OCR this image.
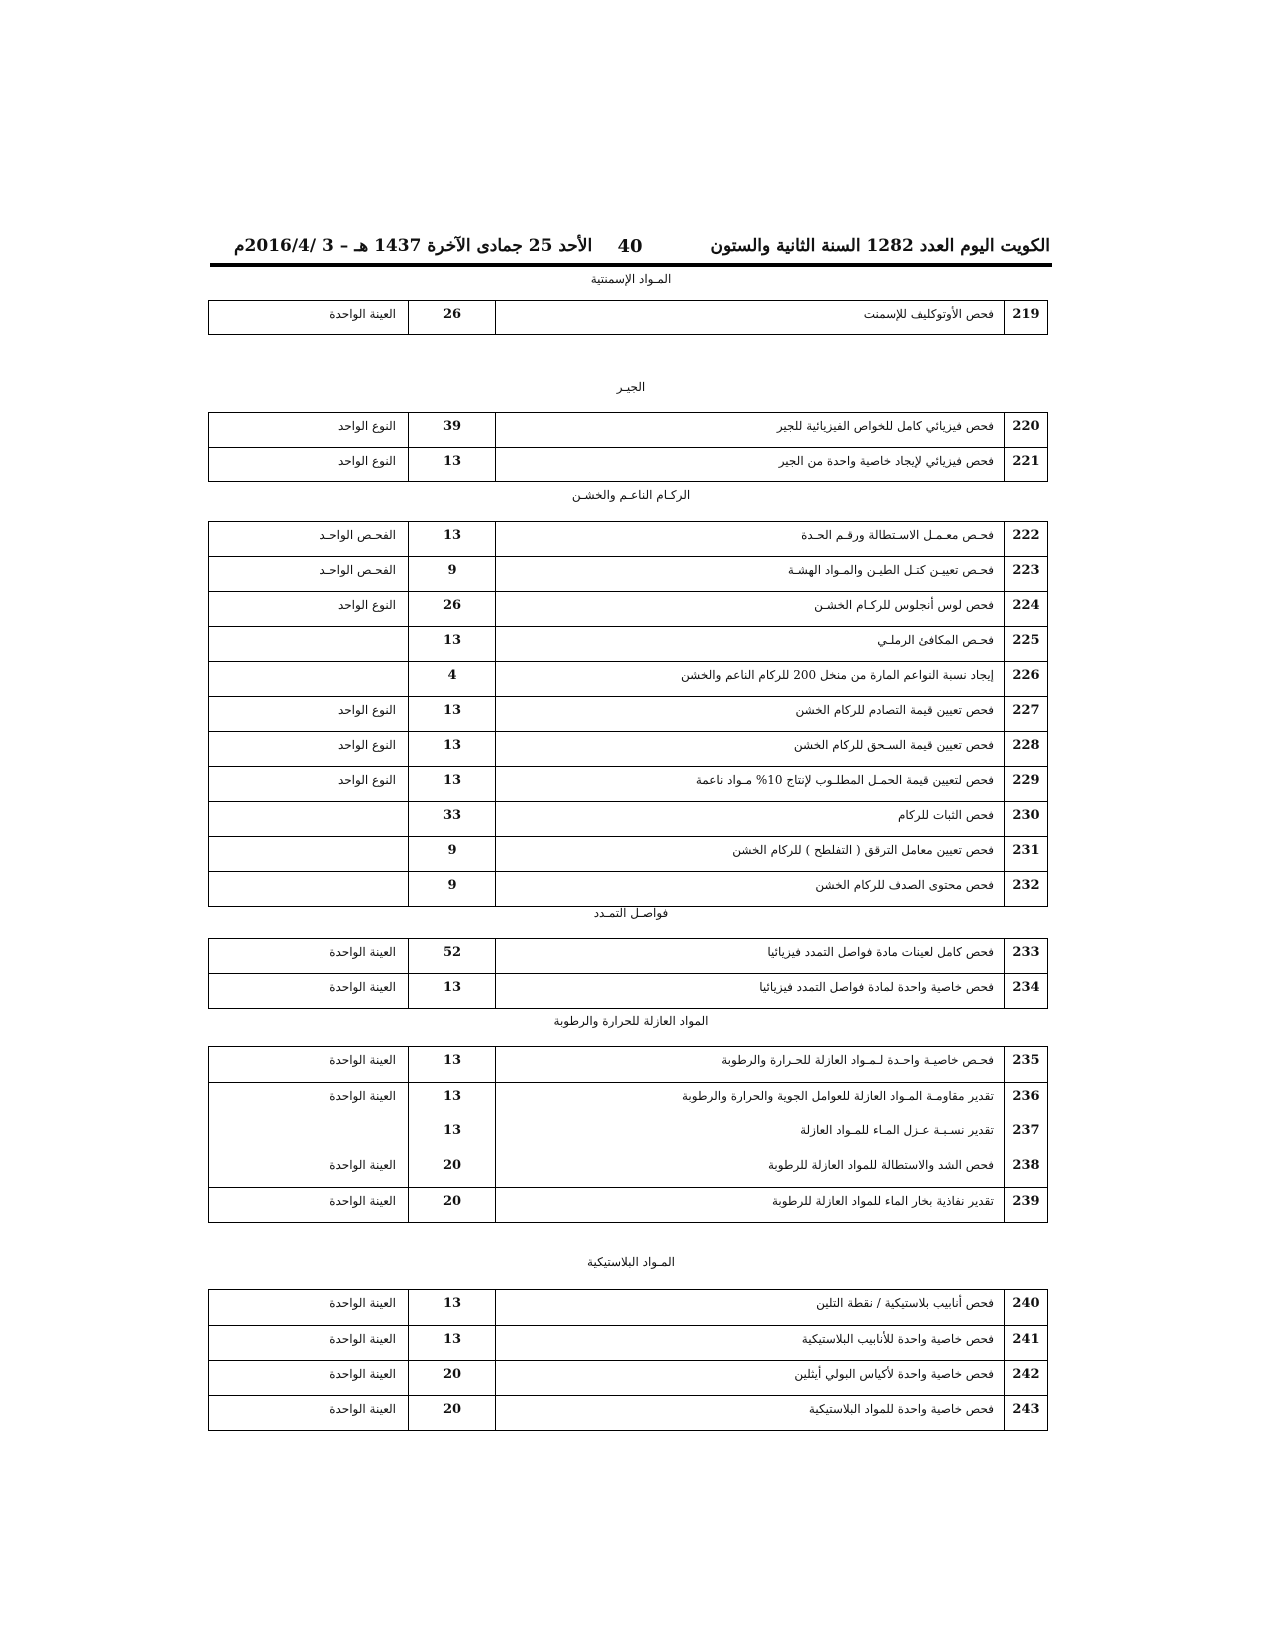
الكويت اليوم العدد 1282 السنة الثانية والستون
40
الأحد 25 جمادى الآخرة 1437 هـ – 3 /2016/4م
المـواد الإسمنتية
219
فحص الأوتوكليف للإسمنت
26
العينة الواحدة
الجيـر
220
فحص فيزيائي كامل للخواص الفيزيائية للجير
39
النوع الواحد
221
فحص فيزيائي لإيجاد خاصية واحدة من الجير
13
النوع الواحد
الركـام الناعـم والخشـن
222
فحـص معـمـل الاسـتطالة ورقـم الحـدة
13
الفحـص الواحـد
223
فحـص تعييـن كتـل الطيـن والمـواد الهشـة
9
الفحـص الواحـد
224
فحص لوس أنجلوس للركـام الخشـن
26
النوع الواحد
225
فحـص المكافئ الرملـي
13
226
إيجاد نسبة النواعم المارة من منخل 200 للركام الناعم والخشن
4
227
فحص تعيين قيمة التصادم للركام الخشن
13
النوع الواحد
228
فحص تعيين قيمة السـحق للركام الخشن
13
النوع الواحد
229
فحص لتعيين قيمة الحمـل المطلـوب لإنتاج 10% مـواد ناعمة
13
النوع الواحد
230
فحص الثبات للركام
33
231
فحص تعيين معامل الترقق ( التفلطح ) للركام الخشن
9
232
فحص محتوى الصدف للركام الخشن
9
فواصـل التمـدد
233
فحص كامل لعينات مادة فواصل التمدد فيزيائيا
52
العينة الواحدة
234
فحص خاصية واحدة لمادة فواصل التمدد فيزيائيا
13
العينة الواحدة
المواد العازلة للحرارة والرطوبة
235
فحـص خاصيـة واحـدة لـمـواد العازلة للحـرارة والرطوبة
13
العينة الواحدة
236
تقدير مقاومـة المـواد العازلة للعوامل الجوية والحرارة والرطوبة
13
العينة الواحدة
237
تقدير نسـبـة عـزل المـاء للمـواد العازلة
13
238
فحص الشد والاستطالة للمواد العازلة للرطوبة
20
العينة الواحدة
239
تقدير نفاذية بخار الماء للمواد العازلة للرطوبة
20
العينة الواحدة
المـواد البلاستيكية
240
فحص أنابيب بلاستيكية / نقطة التلين
13
العينة الواحدة
241
فحص خاصية واحدة للأنابيب البلاستيكية
13
العينة الواحدة
242
فحص خاصية واحدة لأكياس البولي أيثلين
20
العينة الواحدة
243
فحص خاصية واحدة للمواد البلاستيكية
20
العينة الواحدة
